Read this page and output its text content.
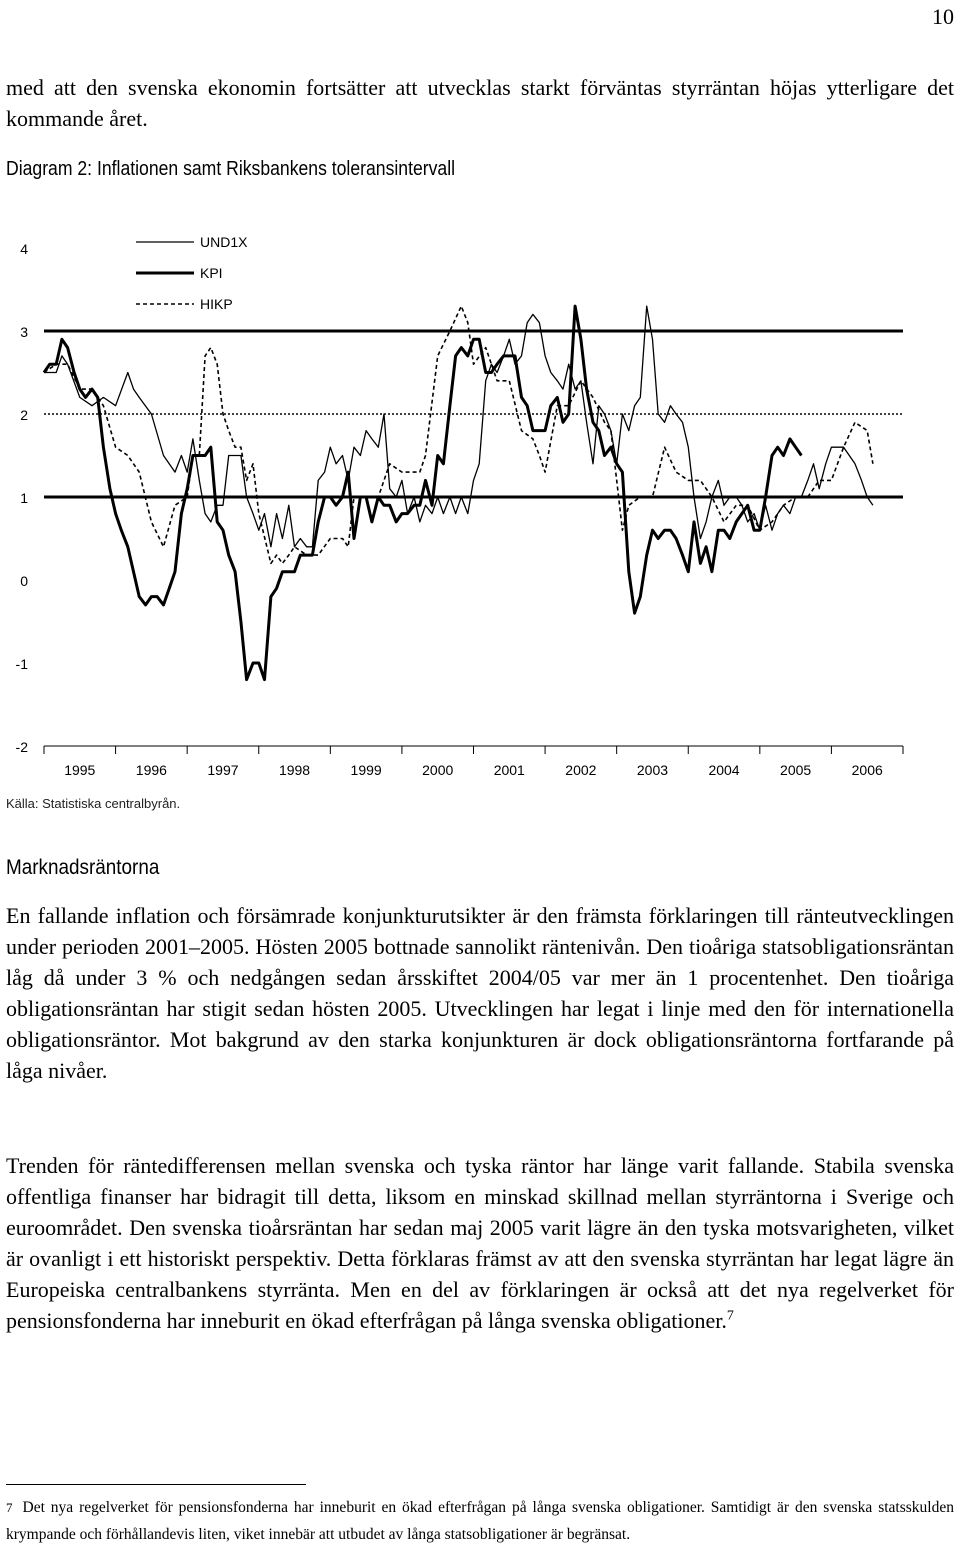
10
med att den svenska ekonomin fortsätter att utvecklas starkt förväntas styrräntan höjas ytterligare det kommande året.
Diagram 2: Inflationen samt Riksbankens toleransintervall
4
3
2
1
0
-1
-2
1995	1996	1997	1998	1999	2000	2001	2002	2003	2004	2005	2006
UND1X
KPI
HIKP
Källa: Statistiska centralbyrån.
Marknadsräntorna
En fallande inflation och försämrade konjunkturutsikter är den främsta förklaringen till ränteutvecklingen under perioden 2001–2005. Hösten 2005 bottnade sannolikt räntenivån. Den tioåriga statsobligationsräntan låg då under 3 % och nedgången sedan årsskiftet 2004/05 var mer än 1 procentenhet. Den tioåriga obligationsräntan har stigit sedan hösten 2005. Utvecklingen har legat i linje med den för internationella obligationsräntor. Mot bakgrund av den starka konjunkturen är dock obligationsräntorna fortfarande på låga nivåer.
Trenden för räntedifferensen mellan svenska och tyska räntor har länge varit fallande. Stabila svenska offentliga finanser har bidragit till detta, liksom en minskad skillnad mellan styrräntorna i Sverige och euroområdet. Den svenska tioårsräntan har sedan maj 2005 varit lägre än den tyska motsvarigheten, vilket är ovanligt i ett historiskt perspektiv. Detta förklaras främst av att den svenska styrräntan har legat lägre än Europeiska centralbankens styrränta. Men en del av förklaringen är också att det nya regelverket för pensionsfonderna har inneburit en ökad efterfrågan på långa svenska obligationer.$^7$
7 Det nya regelverket för pensionsfonderna har inneburit en ökad efterfrågan på långa svenska obligationer. Samtidigt är den svenska statsskulden krympande och förhållandevis liten, viket innebär att utbudet av långa statsobligationer är begränsat.
